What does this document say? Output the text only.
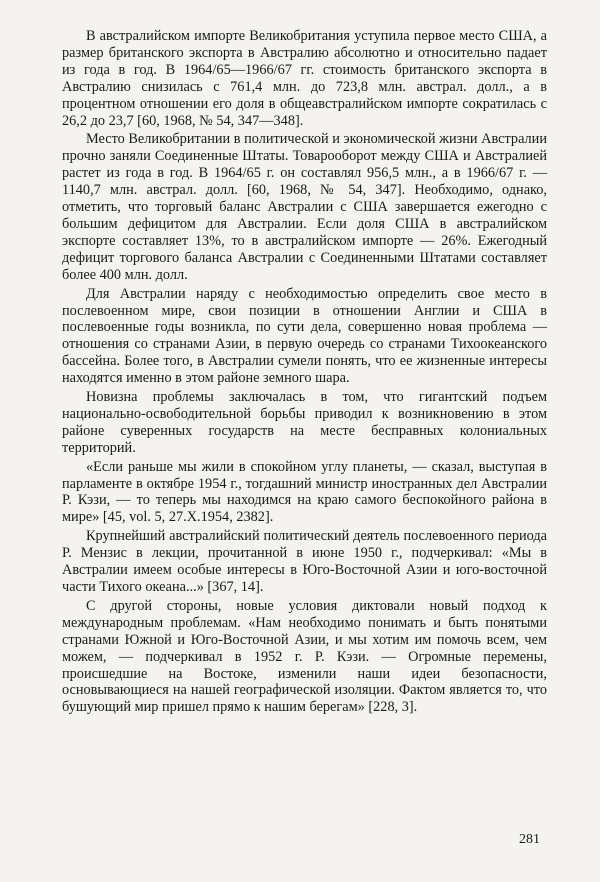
В австралийском импорте Великобритания уступила первое место США, а размер британского экспорта в Австралию абсолютно и относительно падает из года в год. В 1964/65—1966/67 гг. стоимость британского экспорта в Австралию снизилась с 761,4 млн. до 723,8 млн. австрал. долл., а в процентном отношении его доля в общеавстралийском импорте сократилась с 26,2 до 23,7 [60, 1968, № 54, 347—348].

Место Великобритании в политической и экономической жизни Австралии прочно заняли Соединенные Штаты. Товарооборот между США и Австралией растет из года в год. В 1964/65 г. он составлял 956,5 млн., а в 1966/67 г. — 1140,7 млн. австрал. долл. [60, 1968, № 54, 347]. Необходимо, однако, отметить, что торговый баланс Австралии с США завершается ежегодно с большим дефицитом для Австралии. Если доля США в австралийском экспорте составляет 13%, то в австралийском импорте — 26%. Ежегодный дефицит торгового баланса Австралии с Соединенными Штатами составляет более 400 млн. долл.

Для Австралии наряду с необходимостью определить свое место в послевоенном мире, свои позиции в отношении Англии и США в послевоенные годы возникла, по сути дела, совершенно новая проблема — отношения со странами Азии, в первую очередь со странами Тихоокеанского бассейна. Более того, в Австралии сумели понять, что ее жизненные интересы находятся именно в этом районе земного шара.

Новизна проблемы заключалась в том, что гигантский подъем национально-освободительной борьбы приводил к возникновению в этом районе суверенных государств на месте бесправных колониальных территорий.

«Если раньше мы жили в спокойном углу планеты, — сказал, выступая в парламенте в октябре 1954 г., тогдашний министр иностранных дел Австралии Р. Кэзи, — то теперь мы находимся на краю самого беспокойного района в мире» [45, vol. 5, 27.X.1954, 2382].

Крупнейший австралийский политический деятель послевоенного периода Р. Мензис в лекции, прочитанной в июне 1950 г., подчеркивал: «Мы в Австралии имеем особые интересы в Юго-Восточной Азии и юго-восточной части Тихого океана...» [367, 14].

С другой стороны, новые условия диктовали новый подход к международным проблемам. «Нам необходимо понимать и быть понятыми странами Южной и Юго-Восточной Азии, и мы хотим им помочь всем, чем можем, — подчеркивал в 1952 г. Р. Кэзи. — Огромные перемены, происшедшие на Востоке, изменили наши идеи безопасности, основывающиеся на нашей географической изоляции. Фактом является то, что бушующий мир пришел прямо к нашим берегам» [228, 3].

281
